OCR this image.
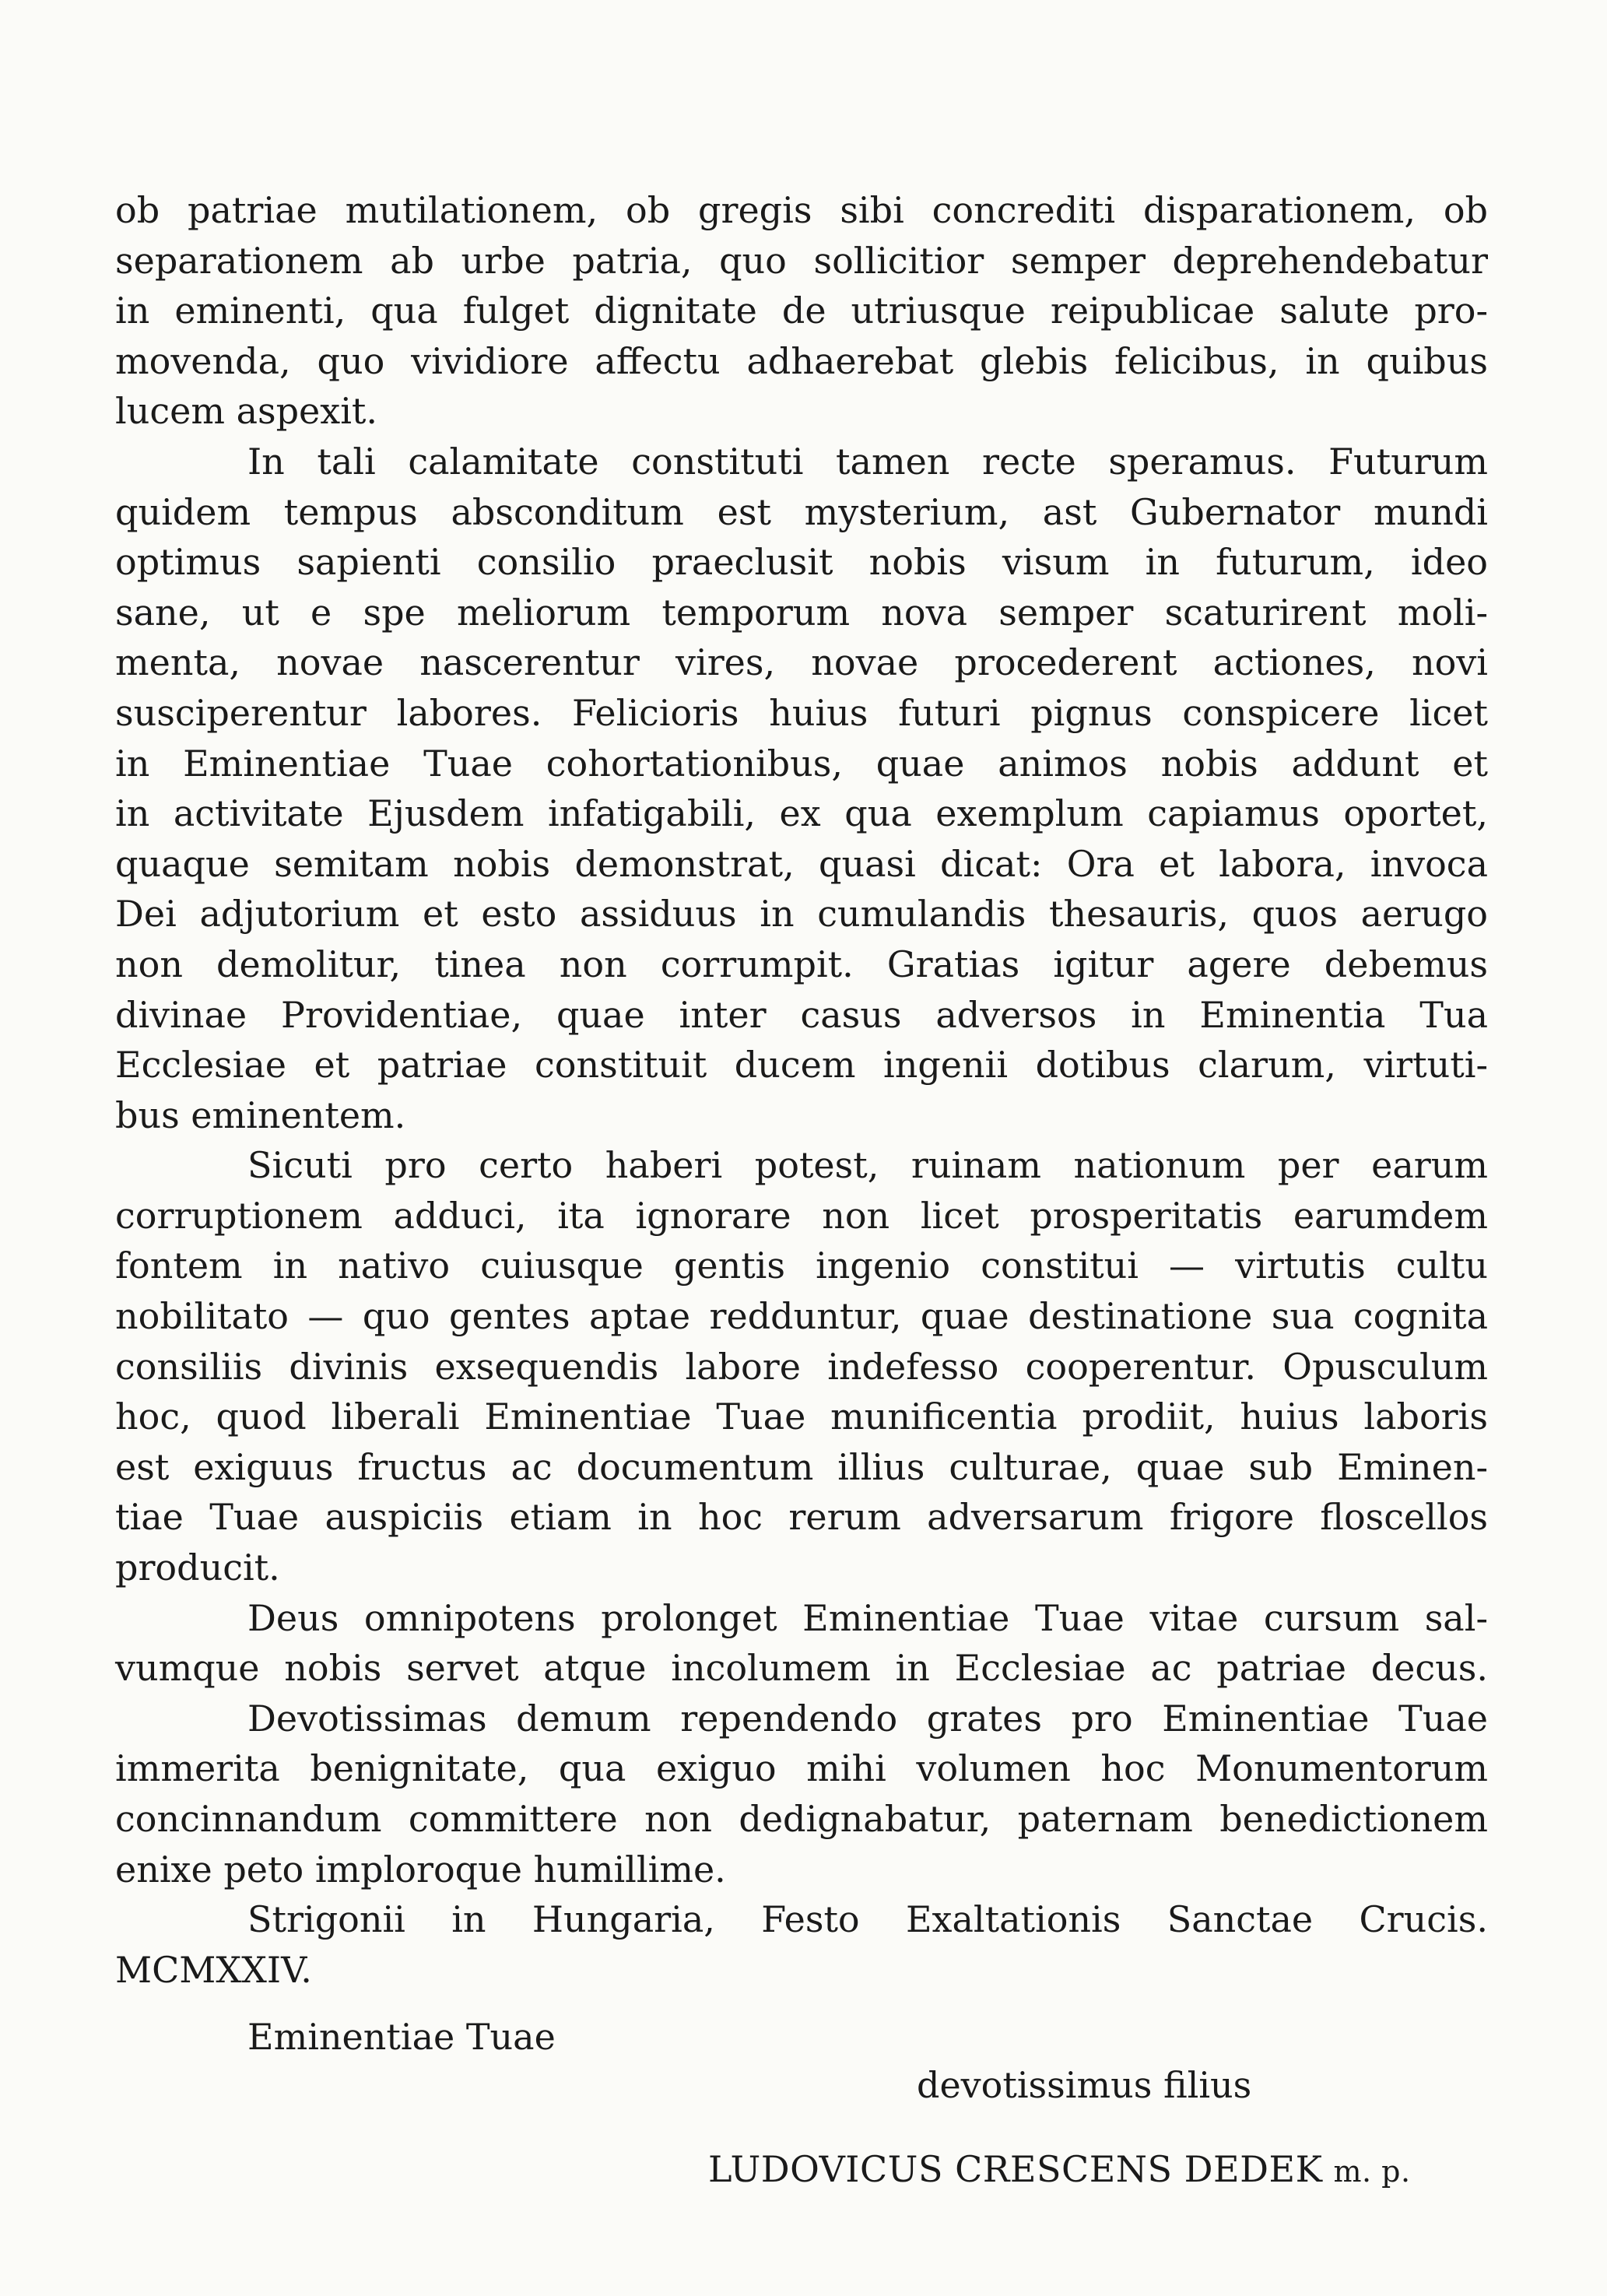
ob patriae mutilationem, ob gregis sibi concrediti disparationem, ob
separationem ab urbe patria, quo sollicitior semper deprehendebatur
in eminenti, qua fulget dignitate de utriusque reipublicae salute pro-
movenda, quo vividiore affectu adhaerebat glebis felicibus, in quibus
lucem aspexit.
In tali calamitate constituti tamen recte speramus. Futurum
quidem tempus absconditum est mysterium, ast Gubernator mundi
optimus sapienti consilio praeclusit nobis visum in futurum, ideo
sane, ut e spe meliorum temporum nova semper scaturirent moli-
menta, novae nascerentur vires, novae procederent actiones, novi
susciperentur labores. Felicioris huius futuri pignus conspicere licet
in Eminentiae Tuae cohortationibus, quae animos nobis addunt et
in activitate Ejusdem infatigabili, ex qua exemplum capiamus oportet,
quaque semitam nobis demonstrat, quasi dicat: Ora et labora, invoca
Dei adjutorium et esto assiduus in cumulandis thesauris, quos aerugo
non demolitur, tinea non corrumpit. Gratias igitur agere debemus
divinae Providentiae, quae inter casus adversos in Eminentia Tua
Ecclesiae et patriae constituit ducem ingenii dotibus clarum, virtuti-
bus eminentem.
Sicuti pro certo haberi potest, ruinam nationum per earum
corruptionem adduci, ita ignorare non licet prosperitatis earumdem
fontem in nativo cuiusque gentis ingenio constitui — virtutis cultu
nobilitato — quo gentes aptae redduntur, quae destinatione sua cognita
consiliis divinis exsequendis labore indefesso cooperentur. Opusculum
hoc, quod liberali Eminentiae Tuae munificentia prodiit, huius laboris
est exiguus fructus ac documentum illius culturae, quae sub Eminen-
tiae Tuae auspiciis etiam in hoc rerum adversarum frigore floscellos
producit.
Deus omnipotens prolonget Eminentiae Tuae vitae cursum sal-
vumque nobis servet atque incolumem in Ecclesiae ac patriae decus.
Devotissimas demum rependendo grates pro Eminentiae Tuae
immerita benignitate, qua exiguo mihi volumen hoc Monumentorum
concinnandum committere non dedignabatur, paternam benedictionem
enixe peto imploroque humillime.
Strigonii in Hungaria, Festo Exaltationis Sanctae Crucis.
MCMXXIV.
Eminentiae Tuae
devotissimus filius
LUDOVICUS CRESCENS DEDEK m. p.
